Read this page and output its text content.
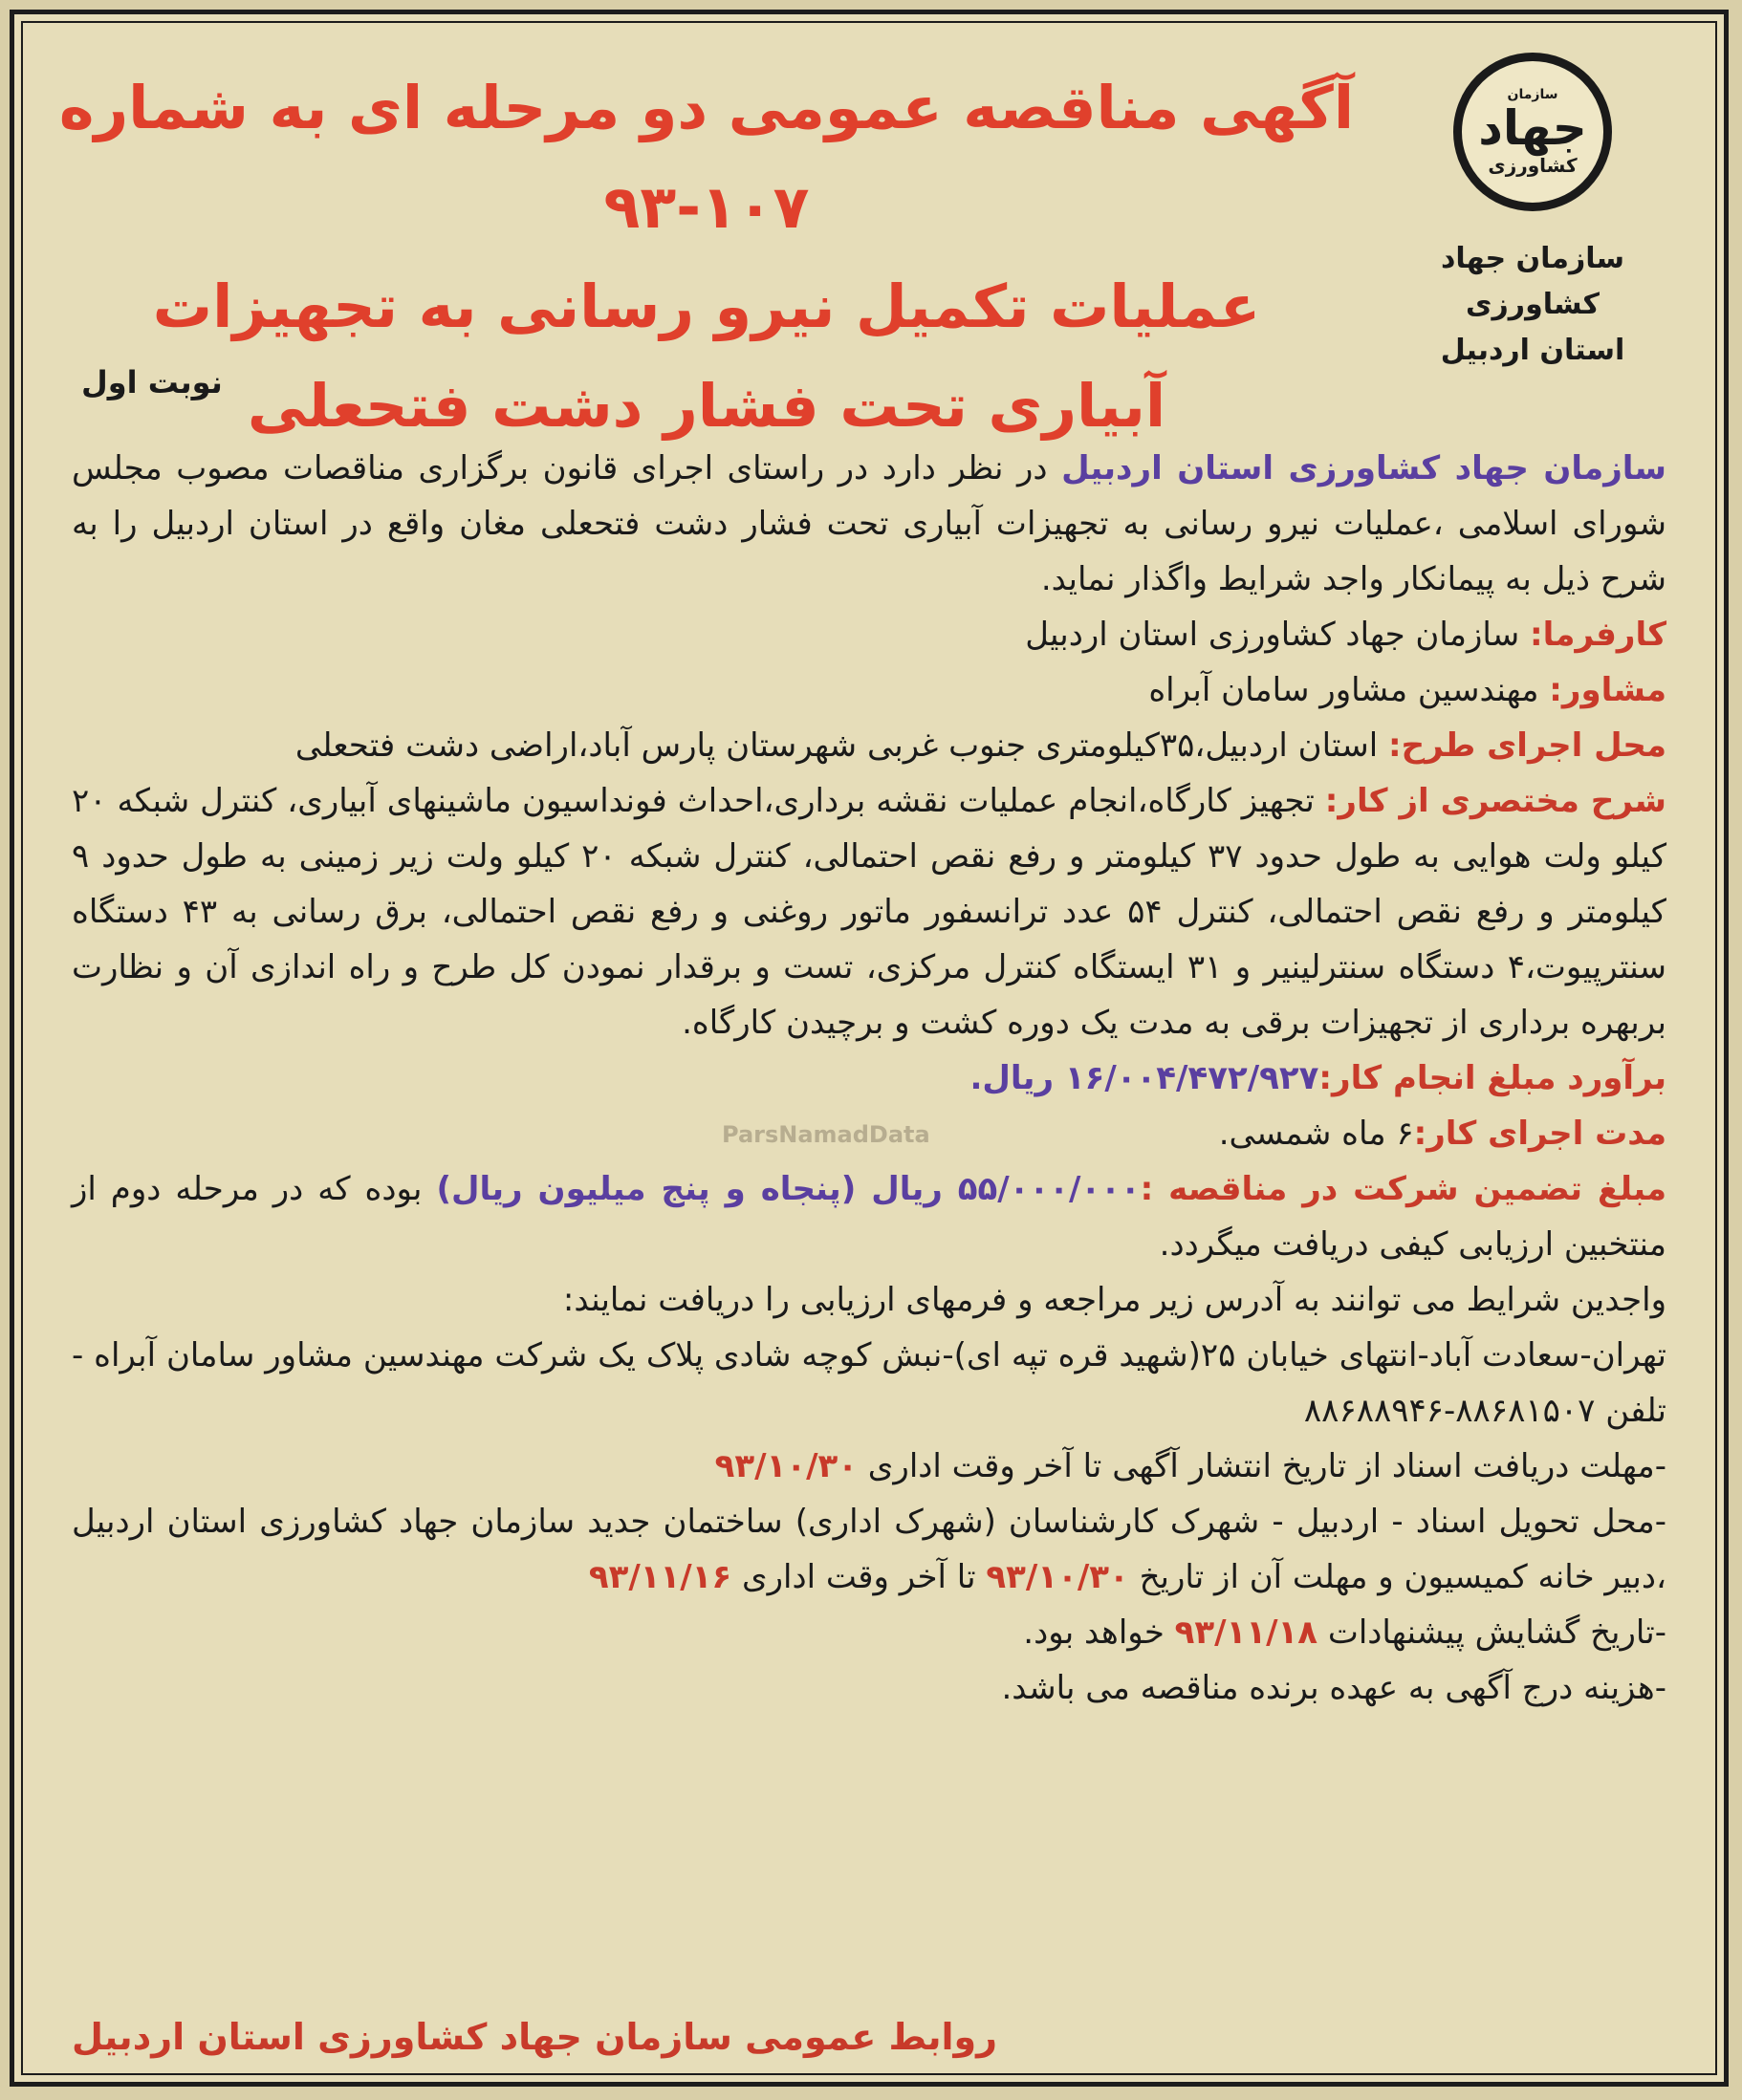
سازمان
جهاد
کشاورزی
سازمان جهاد کشاورزی
استان اردبیل
آگهی مناقصه عمومی دو مرحله ای به شماره ۱۰۷-۹۳
عملیات تکمیل نیرو رسانی به تجهیزات
آبیاری تحت فشار دشت فتحعلی
نوبت اول

سازمان جهاد کشاورزی استان اردبیل در نظر دارد در راستای اجرای قانون برگزاری مناقصات مصوب مجلس شورای اسلامی ،عملیات نیرو رسانی به تجهیزات آبیاری تحت فشار دشت فتحعلی مغان واقع در استان اردبیل را به شرح ذیل به پیمانکار واجد شرایط واگذار نماید.

کارفرما: سازمان جهاد کشاورزی استان اردبیل

مشاور: مهندسین مشاور سامان آبراه

محل اجرای طرح: استان اردبیل،۳۵کیلومتری جنوب غربی شهرستان پارس آباد،اراضی دشت فتحعلی

شرح مختصری از کار: تجهیز کارگاه،انجام عملیات نقشه برداری،احداث فونداسیون ماشینهای آبیاری، کنترل شبکه ۲۰ کیلو ولت هوایی به طول حدود ۳۷ کیلومتر و رفع نقص احتمالی، کنترل شبکه ۲۰ کیلو ولت زیر زمینی به طول حدود ۹ کیلومتر و رفع نقص احتمالی، کنترل ۵۴ عدد ترانسفور ماتور روغنی و رفع نقص احتمالی، برق رسانی به ۴۳ دستگاه سنترپیوت،۴ دستگاه سنترلینیر و ۳۱ ایستگاه کنترل مرکزی، تست و برقدار نمودن کل طرح و راه اندازی آن و نظارت بربهره برداری از تجهیزات برقی به مدت یک دوره کشت و برچیدن کارگاه.

برآورد مبلغ انجام کار:۱۶/۰۰۴/۴۷۲/۹۲۷ ریال.

مدت اجرای کار:۶ ماه شمسی.

مبلغ تضمین شرکت در مناقصه :۵۵/۰۰۰/۰۰۰ ریال (پنجاه و پنج میلیون ریال) بوده که در مرحله دوم از منتخبین ارزیابی کیفی دریافت میگردد.

واجدین شرایط می توانند به آدرس زیر مراجعه و فرمهای ارزیابی را دریافت نمایند:

تهران-سعادت آباد-انتهای خیابان ۲۵(شهید قره تپه ای)-نبش کوچه شادی پلاک یک شرکت مهندسین مشاور سامان آبراه - تلفن ۸۸۶۸۱۵۰۷-۸۸۶۸۸۹۴۶

-مهلت دریافت اسناد از تاریخ انتشار آگهی تا آخر وقت اداری ۹۳/۱۰/۳۰

-محل تحویل اسناد - اردبیل - شهرک کارشناسان (شهرک اداری) ساختمان جدید سازمان جهاد کشاورزی استان اردبیل ،دبیر خانه کمیسیون و مهلت آن از تاریخ ۹۳/۱۰/۳۰ تا آخر وقت اداری ۹۳/۱۱/۱۶

-تاریخ گشایش پیشنهادات ۹۳/۱۱/۱۸ خواهد بود.

-هزینه درج آگهی به عهده برنده مناقصه می باشد.

ParsNamadData
روابط عمومی سازمان جهاد کشاورزی استان اردبیل
